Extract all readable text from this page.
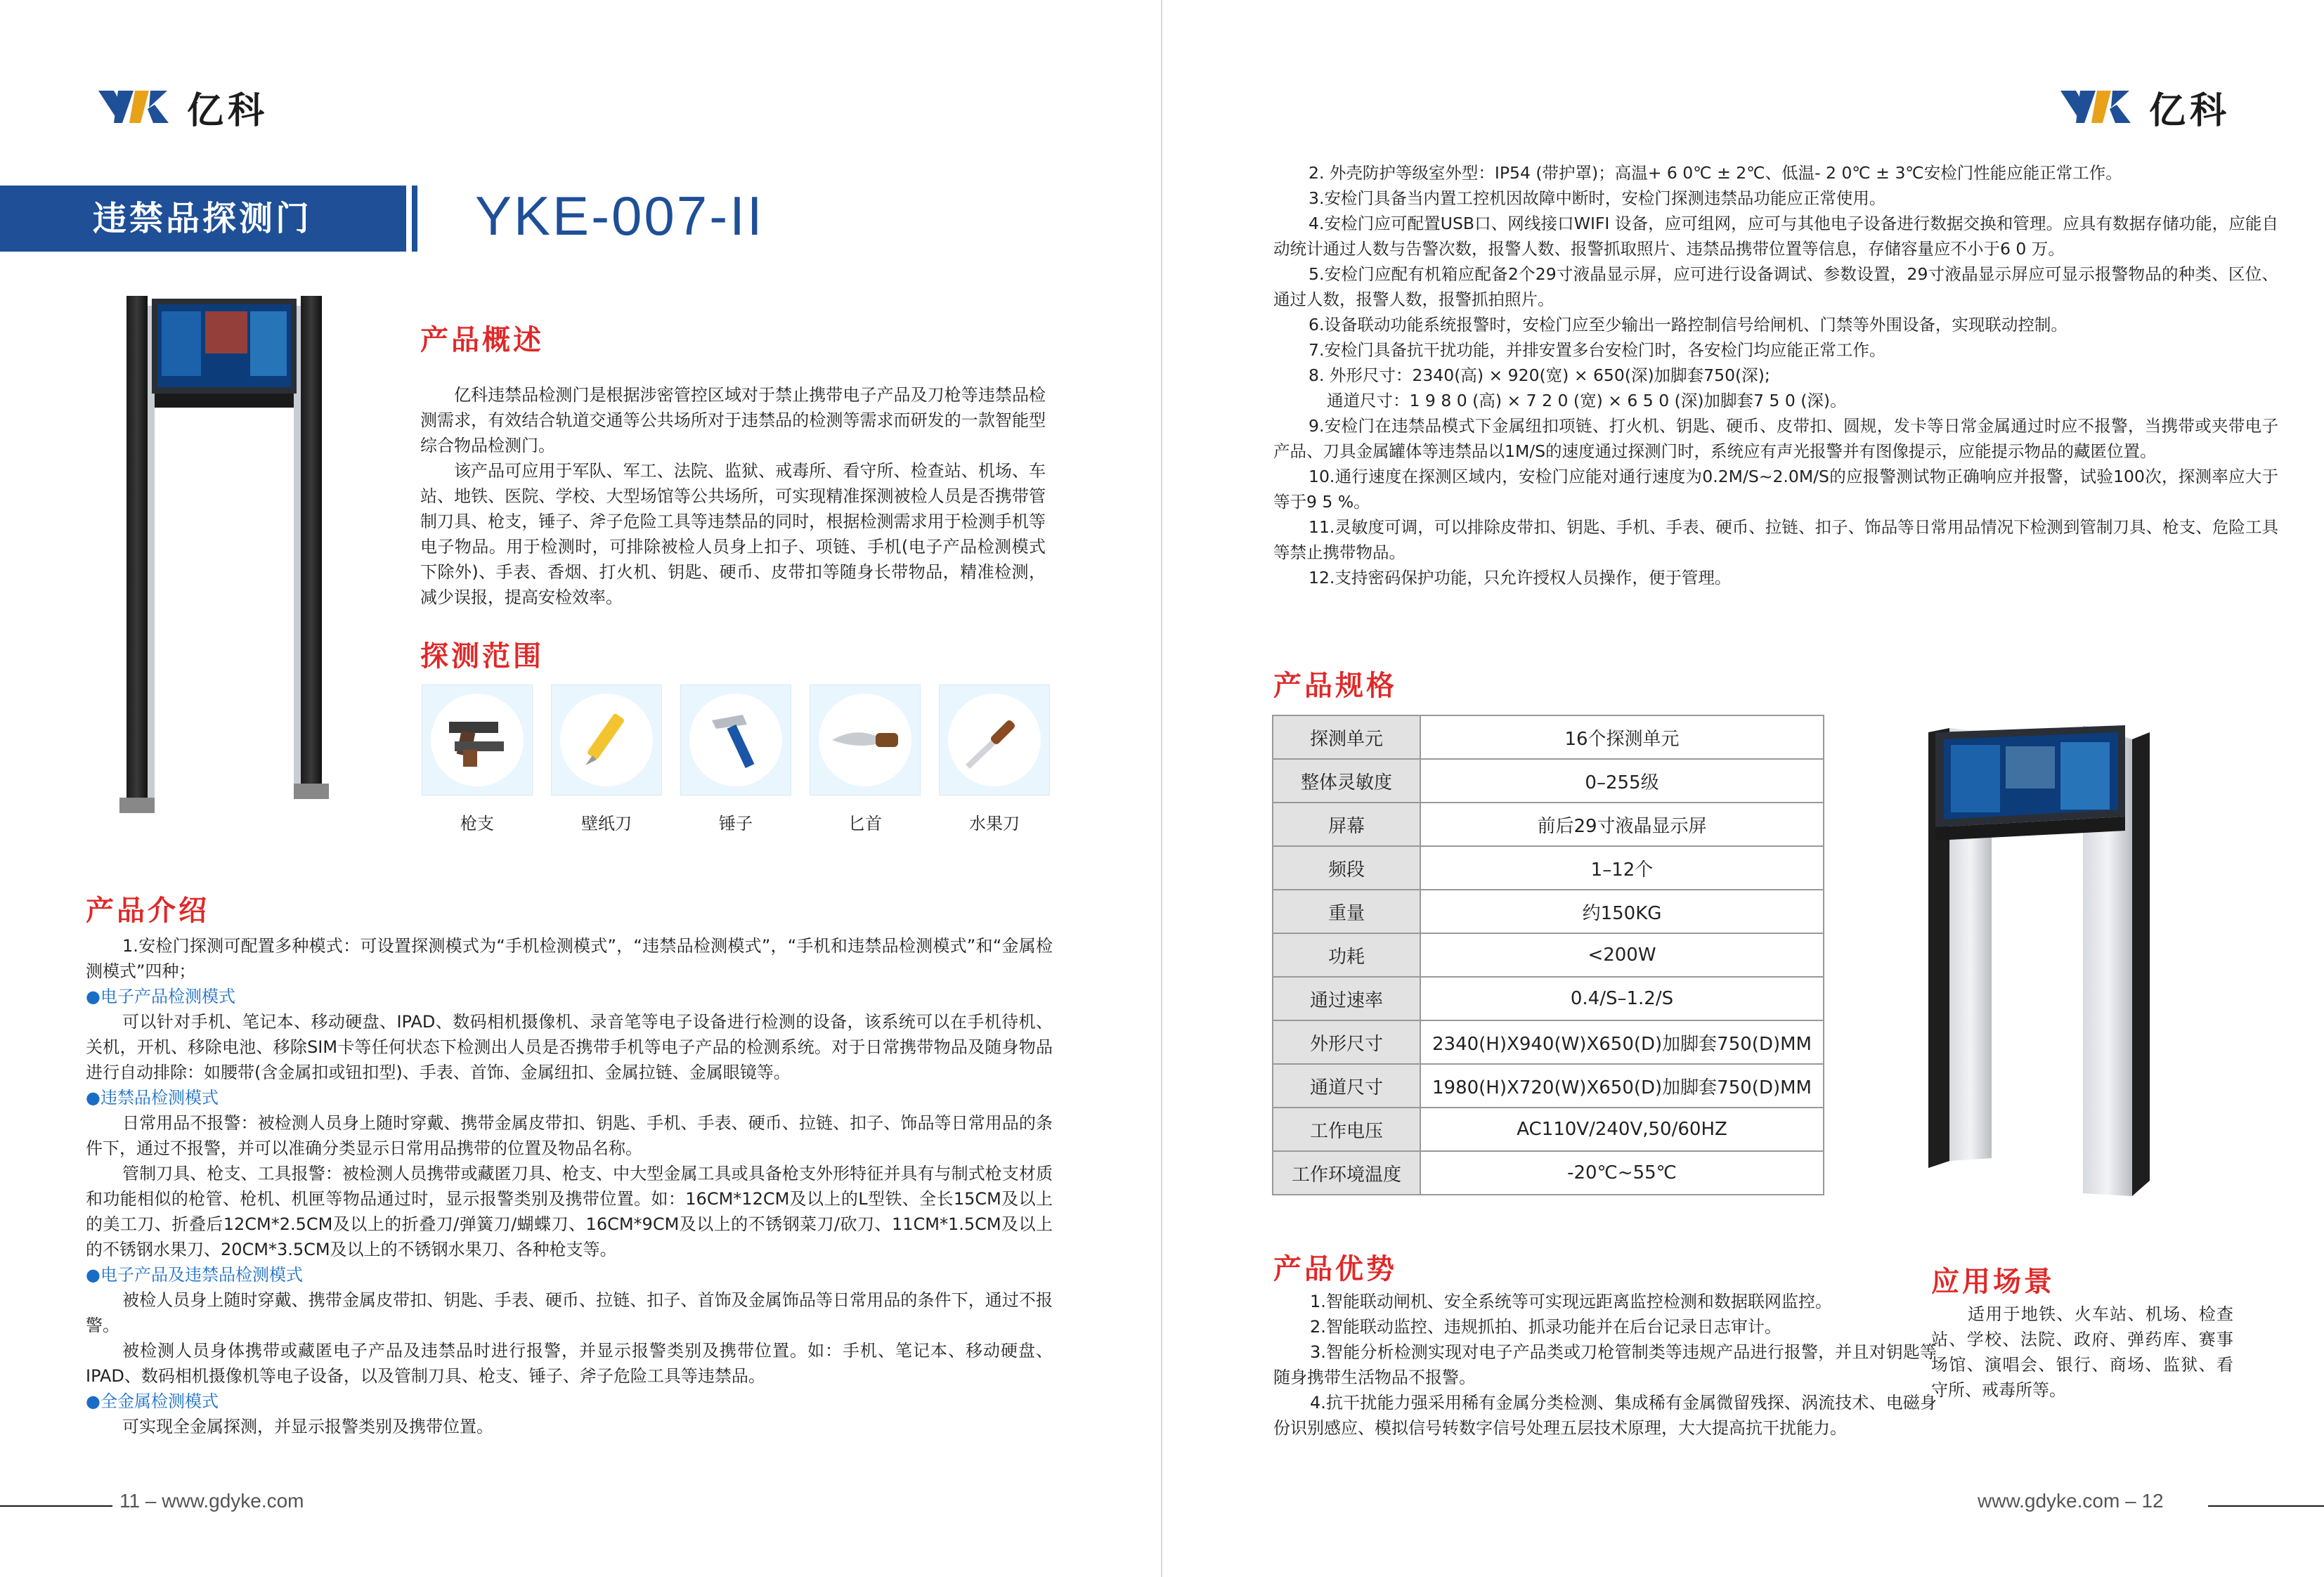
亿科
违禁品探测门	YKE-007-II
产品概述

亿科违禁品检测门是根据涉密管控区域对于禁止携带电子产品及刀枪等违禁品检测需求，有效结合轨道交通等公共场所对于违禁品的检测等需求而研发的一款智能型综合物品检测门。

该产品可应用于军队、军工、法院、监狱、戒毒所、看守所、检查站、机场、车站、地铁、医院、学校、大型场馆等公共场所，可实现精准探测被检人员是否携带管制刀具、枪支，锤子、斧子危险工具等违禁品的同时，根据检测需求用于检测手机等电子物品。用于检测时，可排除被检人员身上扣子、项链、手机(电子产品检测模式下除外)、手表、香烟、打火机、钥匙、硬币、皮带扣等随身长带物品，精准检测，减少误报，提高安检效率。

探测范围
枪支	壁纸刀	锤子	匕首	水果刀
产品介绍

1.安检门探测可配置多种模式：可设置探测模式为“手机检测模式”，“违禁品检测模式”，“手机和违禁品检测模式”和“金属检测模式”四种；

●电子产品检测模式

可以针对手机、笔记本、移动硬盘、IPAD、数码相机摄像机、录音笔等电子设备进行检测的设备，该系统可以在手机待机、关机，开机、移除电池、移除SIM卡等任何状态下检测出人员是否携带手机等电子产品的检测系统。对于日常携带物品及随身物品进行自动排除：如腰带(含金属扣或钮扣型)、手表、首饰、金属纽扣、金属拉链、金属眼镜等。

●违禁品检测模式

日常用品不报警：被检测人员身上随时穿戴、携带金属皮带扣、钥匙、手机、手表、硬币、拉链、扣子、饰品等日常用品的条件下，通过不报警，并可以准确分类显示日常用品携带的位置及物品名称。

管制刀具、枪支、工具报警：被检测人员携带或藏匿刀具、枪支、中大型金属工具或具备枪支外形特征并具有与制式枪支材质和功能相似的枪管、枪机、机匣等物品通过时，显示报警类别及携带位置。如：16CM*12CM及以上的L型铁、全长15CM及以上的美工刀、折叠后12CM*2.5CM及以上的折叠刀/弹簧刀/蝴蝶刀、16CM*9CM及以上的不锈钢菜刀/砍刀、11CM*1.5CM及以上的不锈钢水果刀、20CM*3.5CM及以上的不锈钢水果刀、各种枪支等。

●电子产品及违禁品检测模式

被检人员身上随时穿戴、携带金属皮带扣、钥匙、手表、硬币、拉链、扣子、首饰及金属饰品等日常用品的条件下，通过不报警。

被检测人员身体携带或藏匿电子产品及违禁品时进行报警，并显示报警类别及携带位置。如：手机、笔记本、移动硬盘、IPAD、数码相机摄像机等电子设备，以及管制刀具、枪支、锤子、斧子危险工具等违禁品。

●全金属检测模式

可实现全金属探测，并显示报警类别及携带位置。

11 – www.gdyke.com
亿科

2. 外壳防护等级室外型：IP54 (带护罩)；高温+ 6 0℃ ± 2℃、低温- 2 0℃ ± 3℃安检门性能应能正常工作。

3.安检门具备当内置工控机因故障中断时，安检门探测违禁品功能应正常使用。

4.安检门应可配置USB口、网线接口WIFI 设备，应可组网，应可与其他电子设备进行数据交换和管理。应具有数据存储功能，应能自动统计通过人数与告警次数，报警人数、报警抓取照片、违禁品携带位置等信息，存储容量应不小于6 0 万。

5.安检门应配有机箱应配备2个29寸液晶显示屏，应可进行设备调试、参数设置，29寸液晶显示屏应可显示报警物品的种类、区位、通过人数，报警人数，报警抓拍照片。

6.设备联动功能系统报警时，安检门应至少输出一路控制信号给闸机、门禁等外围设备，实现联动控制。

7.安检门具备抗干扰功能，并排安置多台安检门时，各安检门均应能正常工作。

8. 外形尺寸：2340(高) × 920(宽) × 650(深)加脚套750(深);

通道尺寸：1 9 8 0 (高) × 7 2 0 (宽) × 6 5 0 (深)加脚套7 5 0 (深)。

9.安检门在违禁品模式下金属纽扣项链、打火机、钥匙、硬币、皮带扣、圆规，发卡等日常金属通过时应不报警，当携带或夹带电子产品、刀具金属罐体等违禁品以1M/S的速度通过探测门时，系统应有声光报警并有图像提示，应能提示物品的藏匿位置。

10.通行速度在探测区域内，安检门应能对通行速度为0.2M/S~2.0M/S的应报警测试物正确响应并报警，试验100次，探测率应大于等于9 5 %。

11.灵敏度可调，可以排除皮带扣、钥匙、手机、手表、硬币、拉链、扣子、饰品等日常用品情况下检测到管制刀具、枪支、危险工具等禁止携带物品。

12.支持密码保护功能，只允许授权人员操作，便于管理。

产品规格
探测单元	16个探测单元
整体灵敏度	0–255级
屏幕	前后29寸液晶显示屏
频段	1–12个
重量	约150KG
功耗	<200W
通过速率	0.4/S–1.2/S
外形尺寸	2340(H)X940(W)X650(D)加脚套750(D)MM
通道尺寸	1980(H)X720(W)X650(D)加脚套750(D)MM
工作电压	AC110V/240V,50/60HZ
工作环境温度	-20℃~55℃
产品优势

1.智能联动闸机、安全系统等可实现远距离监控检测和数据联网监控。

2.智能联动监控、违规抓拍、抓录功能并在后台记录日志审计。

3.智能分析检测实现对电子产品类或刀枪管制类等违规产品进行报警，并且对钥匙等随身携带生活物品不报警。

4.抗干扰能力强采用稀有金属分类检测、集成稀有金属微留残探、涡流技术、电磁身份识别感应、模拟信号转数字信号处理五层技术原理，大大提高抗干扰能力。

应用场景

适用于地铁、火车站、机场、检查站、学校、法院、政府、弹药库、赛事场馆、演唱会、银行、商场、监狱、看守所、戒毒所等。

www.gdyke.com – 12
